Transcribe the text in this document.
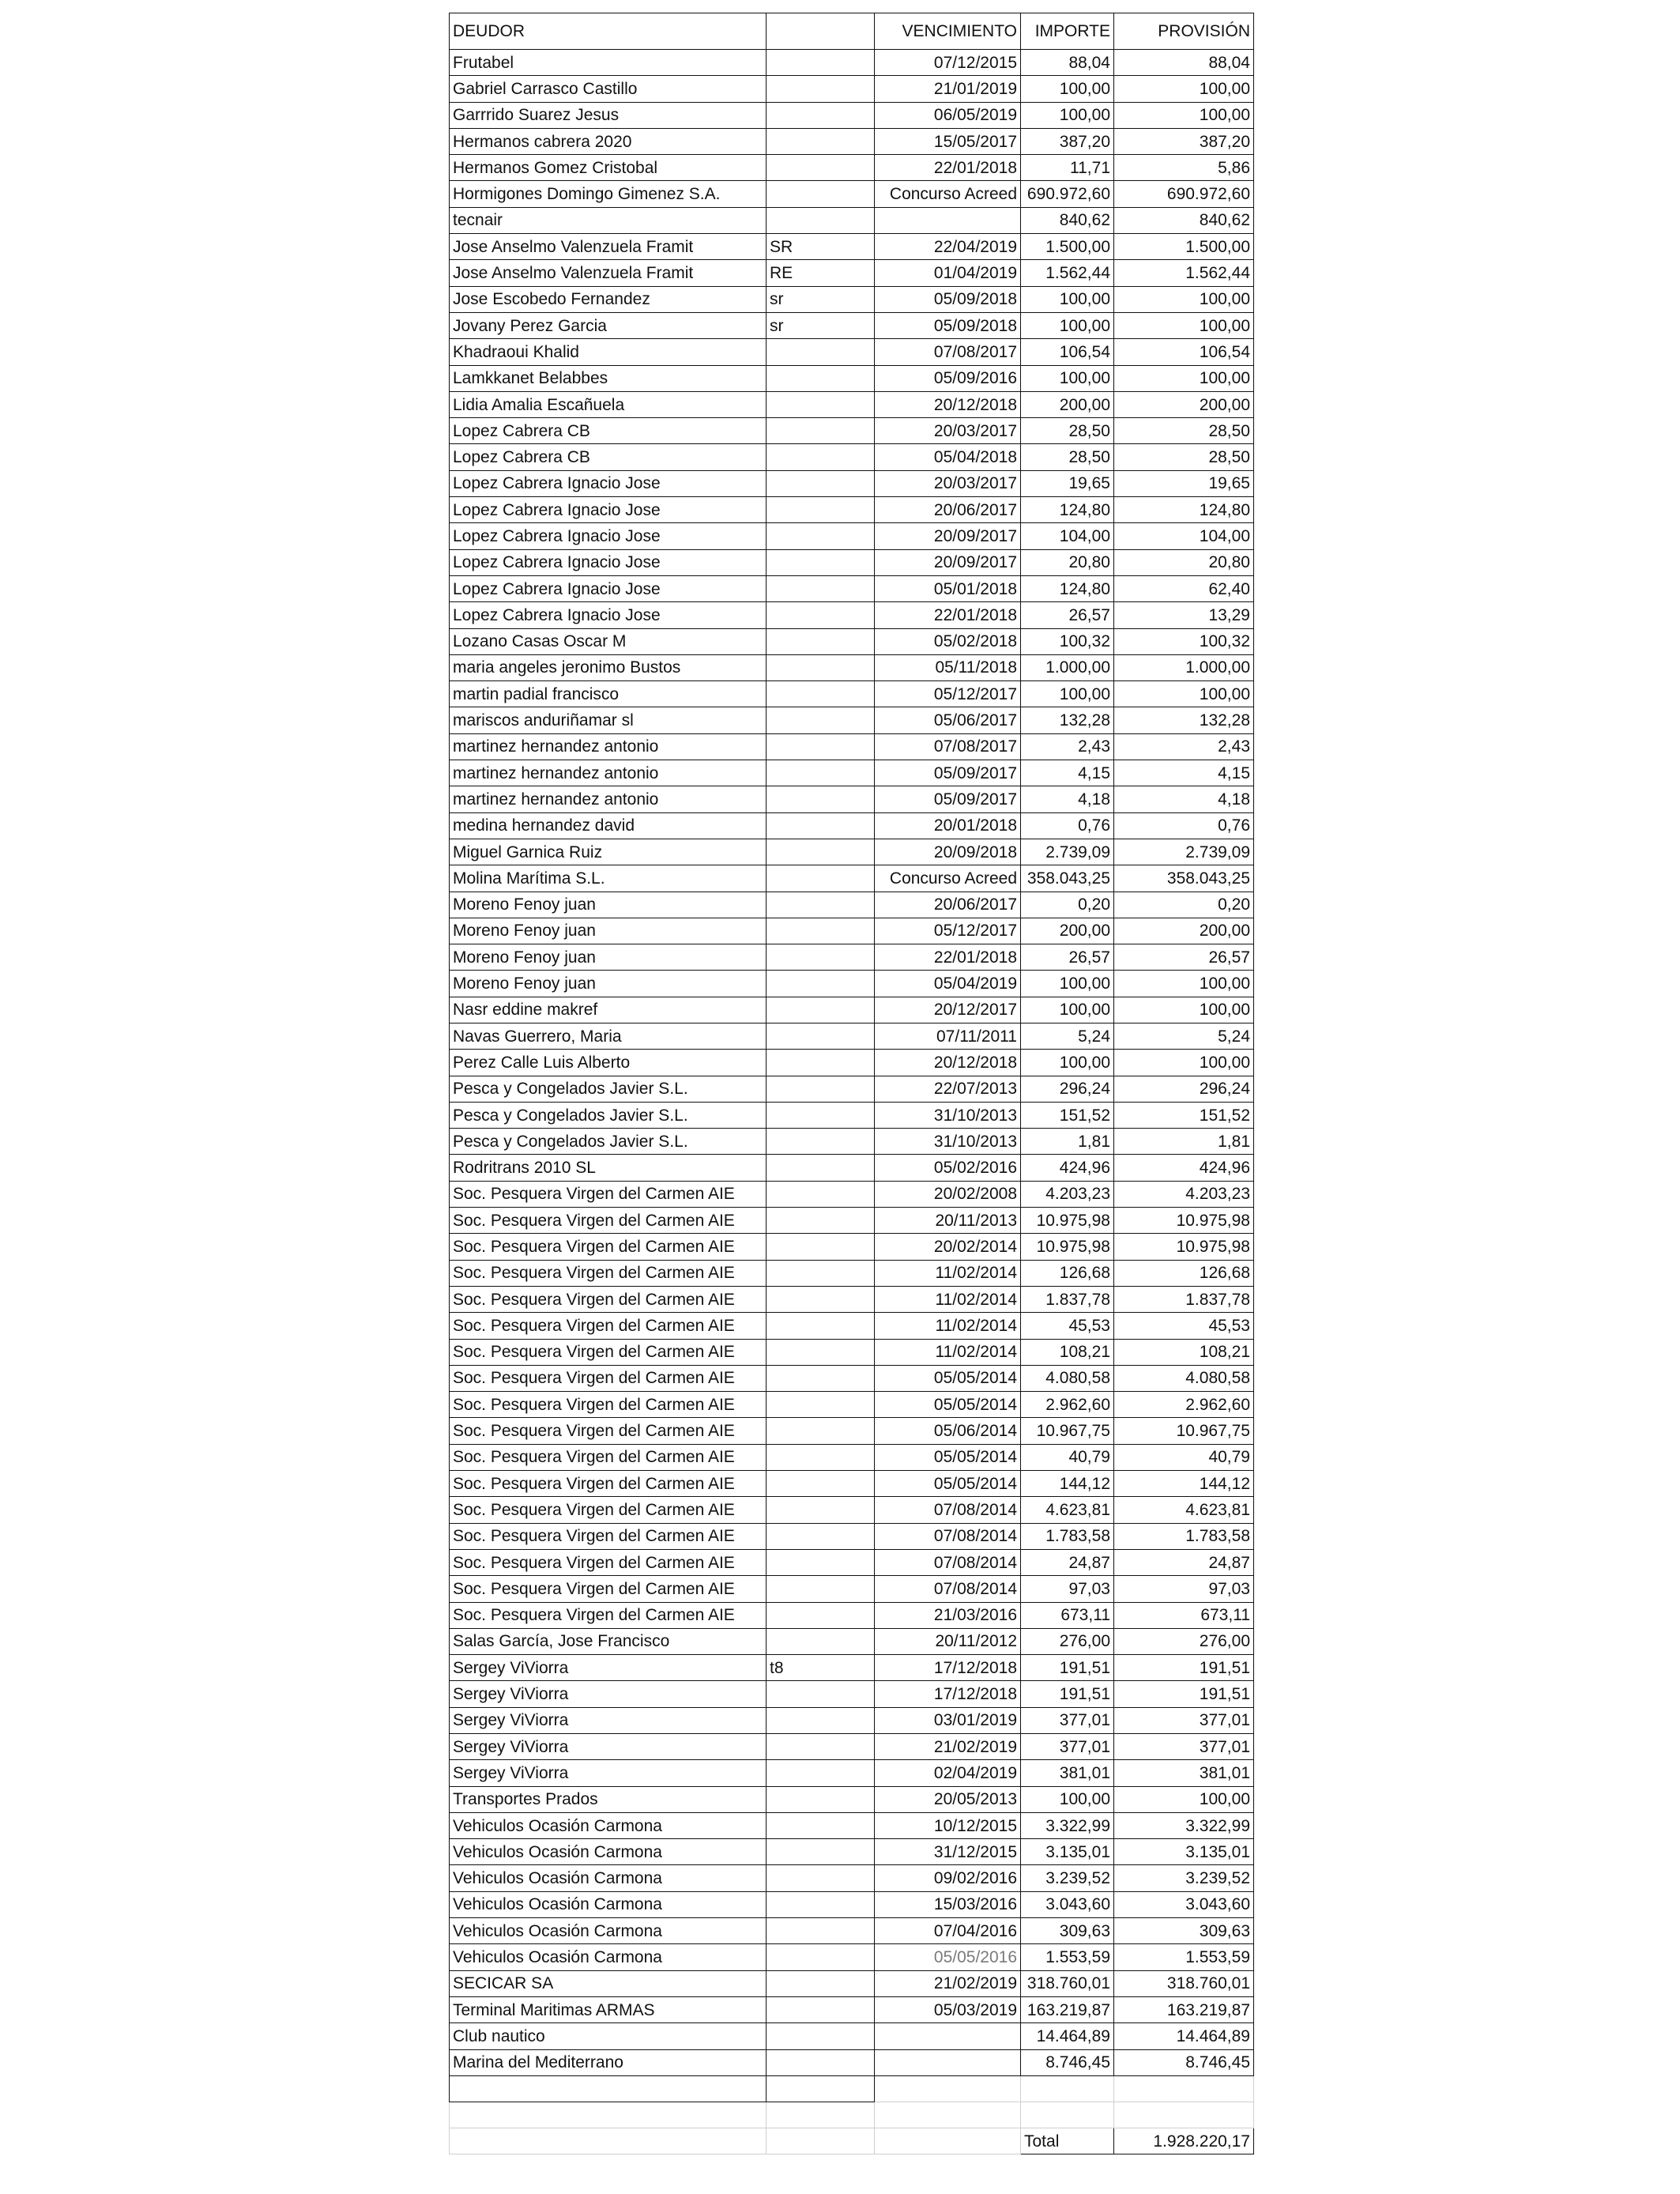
DEUDOR		VENCIMIENTO	IMPORTE	PROVISIÓN
Frutabel		07/12/2015	88,04	88,04
Gabriel Carrasco Castillo		21/01/2019	100,00	100,00
Garrrido Suarez Jesus		06/05/2019	100,00	100,00
Hermanos cabrera 2020		15/05/2017	387,20	387,20
Hermanos Gomez Cristobal		22/01/2018	11,71	5,86
Hormigones Domingo Gimenez S.A.		Concurso Acreed	690.972,60	690.972,60
tecnair			840,62	840,62
Jose Anselmo Valenzuela Framit	SR	22/04/2019	1.500,00	1.500,00
Jose Anselmo Valenzuela Framit	RE	01/04/2019	1.562,44	1.562,44
Jose Escobedo Fernandez	sr	05/09/2018	100,00	100,00
Jovany Perez Garcia	sr	05/09/2018	100,00	100,00
Khadraoui Khalid		07/08/2017	106,54	106,54
Lamkkanet Belabbes		05/09/2016	100,00	100,00
Lidia Amalia Escañuela		20/12/2018	200,00	200,00
Lopez Cabrera CB		20/03/2017	28,50	28,50
Lopez Cabrera CB		05/04/2018	28,50	28,50
Lopez Cabrera Ignacio Jose		20/03/2017	19,65	19,65
Lopez Cabrera Ignacio Jose		20/06/2017	124,80	124,80
Lopez Cabrera Ignacio Jose		20/09/2017	104,00	104,00
Lopez Cabrera Ignacio Jose		20/09/2017	20,80	20,80
Lopez Cabrera Ignacio Jose		05/01/2018	124,80	62,40
Lopez Cabrera Ignacio Jose		22/01/2018	26,57	13,29
Lozano Casas Oscar M		05/02/2018	100,32	100,32
maria angeles jeronimo Bustos		05/11/2018	1.000,00	1.000,00
martin padial francisco		05/12/2017	100,00	100,00
mariscos anduriñamar sl		05/06/2017	132,28	132,28
martinez hernandez antonio		07/08/2017	2,43	2,43
martinez hernandez antonio		05/09/2017	4,15	4,15
martinez hernandez antonio		05/09/2017	4,18	4,18
medina hernandez david		20/01/2018	0,76	0,76
Miguel Garnica Ruiz		20/09/2018	2.739,09	2.739,09
Molina Marítima S.L.		Concurso Acreed	358.043,25	358.043,25
Moreno Fenoy juan		20/06/2017	0,20	0,20
Moreno Fenoy juan		05/12/2017	200,00	200,00
Moreno Fenoy juan		22/01/2018	26,57	26,57
Moreno Fenoy juan		05/04/2019	100,00	100,00
Nasr eddine makref		20/12/2017	100,00	100,00
Navas Guerrero, Maria		07/11/2011	5,24	5,24
Perez Calle Luis Alberto		20/12/2018	100,00	100,00
Pesca y Congelados Javier S.L.		22/07/2013	296,24	296,24
Pesca y Congelados Javier S.L.		31/10/2013	151,52	151,52
Pesca y Congelados Javier S.L.		31/10/2013	1,81	1,81
Rodritrans 2010 SL		05/02/2016	424,96	424,96
Soc. Pesquera Virgen del Carmen AIE		20/02/2008	4.203,23	4.203,23
Soc. Pesquera Virgen del Carmen AIE		20/11/2013	10.975,98	10.975,98
Soc. Pesquera Virgen del Carmen AIE		20/02/2014	10.975,98	10.975,98
Soc. Pesquera Virgen del Carmen AIE		11/02/2014	126,68	126,68
Soc. Pesquera Virgen del Carmen AIE		11/02/2014	1.837,78	1.837,78
Soc. Pesquera Virgen del Carmen AIE		11/02/2014	45,53	45,53
Soc. Pesquera Virgen del Carmen AIE		11/02/2014	108,21	108,21
Soc. Pesquera Virgen del Carmen AIE		05/05/2014	4.080,58	4.080,58
Soc. Pesquera Virgen del Carmen AIE		05/05/2014	2.962,60	2.962,60
Soc. Pesquera Virgen del Carmen AIE		05/06/2014	10.967,75	10.967,75
Soc. Pesquera Virgen del Carmen AIE		05/05/2014	40,79	40,79
Soc. Pesquera Virgen del Carmen AIE		05/05/2014	144,12	144,12
Soc. Pesquera Virgen del Carmen AIE		07/08/2014	4.623,81	4.623,81
Soc. Pesquera Virgen del Carmen AIE		07/08/2014	1.783,58	1.783,58
Soc. Pesquera Virgen del Carmen AIE		07/08/2014	24,87	24,87
Soc. Pesquera Virgen del Carmen AIE		07/08/2014	97,03	97,03
Soc. Pesquera Virgen del Carmen AIE		21/03/2016	673,11	673,11
Salas García, Jose Francisco		20/11/2012	276,00	276,00
Sergey ViViorra	t8	17/12/2018	191,51	191,51
Sergey ViViorra		17/12/2018	191,51	191,51
Sergey ViViorra		03/01/2019	377,01	377,01
Sergey ViViorra		21/02/2019	377,01	377,01
Sergey ViViorra		02/04/2019	381,01	381,01
Transportes Prados		20/05/2013	100,00	100,00
Vehiculos Ocasión Carmona		10/12/2015	3.322,99	3.322,99
Vehiculos Ocasión Carmona		31/12/2015	3.135,01	3.135,01
Vehiculos Ocasión Carmona		09/02/2016	3.239,52	3.239,52
Vehiculos Ocasión Carmona		15/03/2016	3.043,60	3.043,60
Vehiculos Ocasión Carmona		07/04/2016	309,63	309,63
Vehiculos Ocasión Carmona		05/05/2016	1.553,59	1.553,59
SECICAR SA		21/02/2019	318.760,01	318.760,01
Terminal Maritimas ARMAS		05/03/2019	163.219,87	163.219,87
Club nautico			14.464,89	14.464,89
Marina del Mediterrano			8.746,45	8.746,45

			Total	1.928.220,17
